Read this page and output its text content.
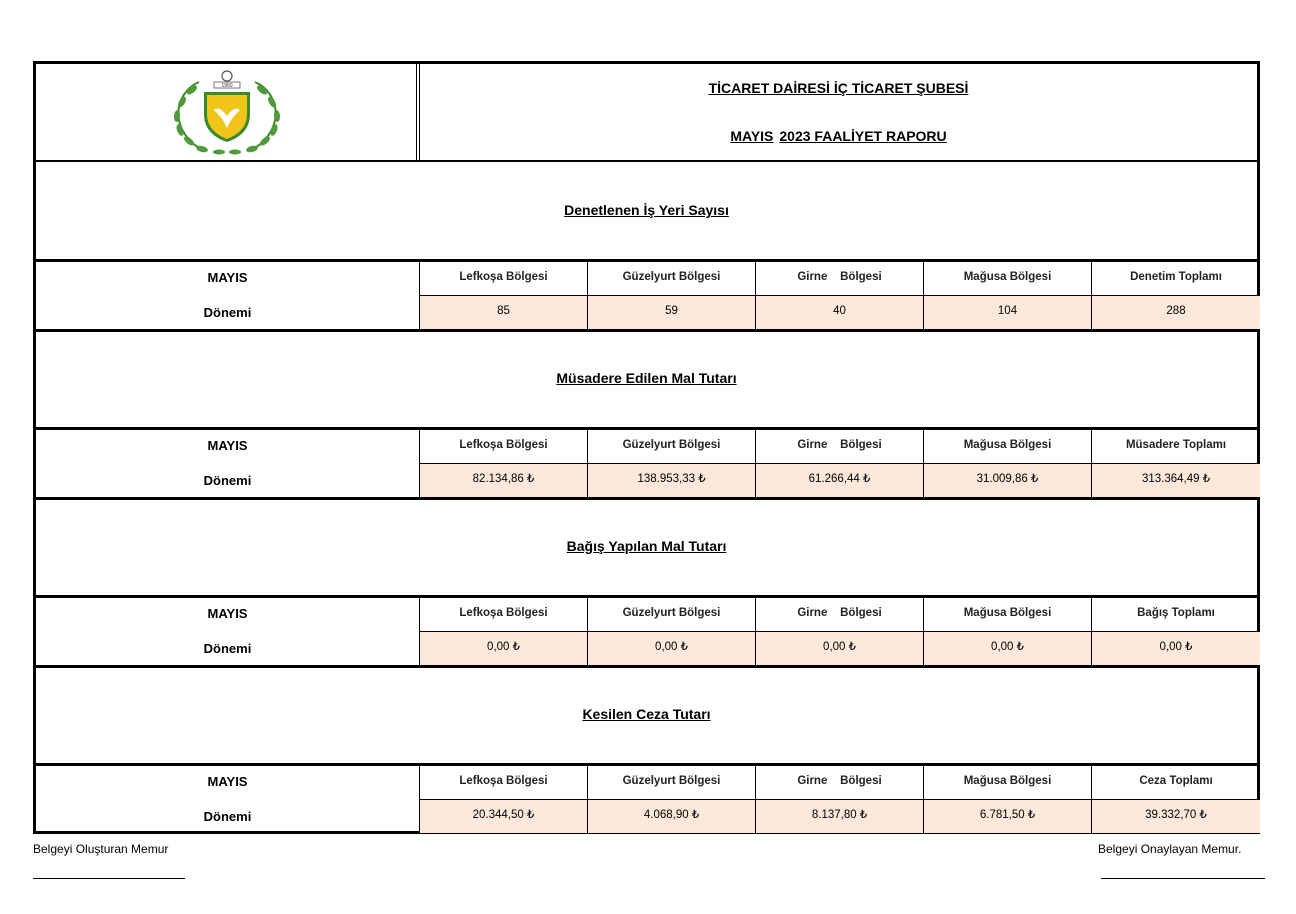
1960	TİCARET DAİRESİ İÇ TİCARET ŞUBESİ
MAYIS 2023 FAALİYET RAPORU
Denetlenen İş Yeri Sayısı
MAYIS
Dönemi
Lefkoşa Bölgesi
85
Güzelyurt Bölgesi
59
Girne    Bölgesi
40
Mağusa Bölgesi
104
Denetim Toplamı
288
Müsadere Edilen Mal Tutarı
MAYIS
Dönemi
Lefkoşa Bölgesi
82.134,86 ₺
Güzelyurt Bölgesi
138.953,33 ₺
Girne    Bölgesi
61.266,44 ₺
Mağusa Bölgesi
31.009,86 ₺
Müsadere Toplamı
313.364,49 ₺
Bağış Yapılan Mal Tutarı
MAYIS
Dönemi
Lefkoşa Bölgesi
0,00 ₺
Güzelyurt Bölgesi
0,00 ₺
Girne    Bölgesi
0,00 ₺
Mağusa Bölgesi
0,00 ₺
Bağış Toplamı
0,00 ₺
Kesilen Ceza Tutarı
MAYIS
Dönemi
Lefkoşa Bölgesi
20.344,50 ₺
Güzelyurt Bölgesi
4.068,90 ₺
Girne    Bölgesi
8.137,80 ₺
Mağusa Bölgesi
6.781,50 ₺
Ceza Toplamı
39.332,70 ₺
Belgeyi Oluşturan Memur	Belgeyi Onaylayan Memur.
